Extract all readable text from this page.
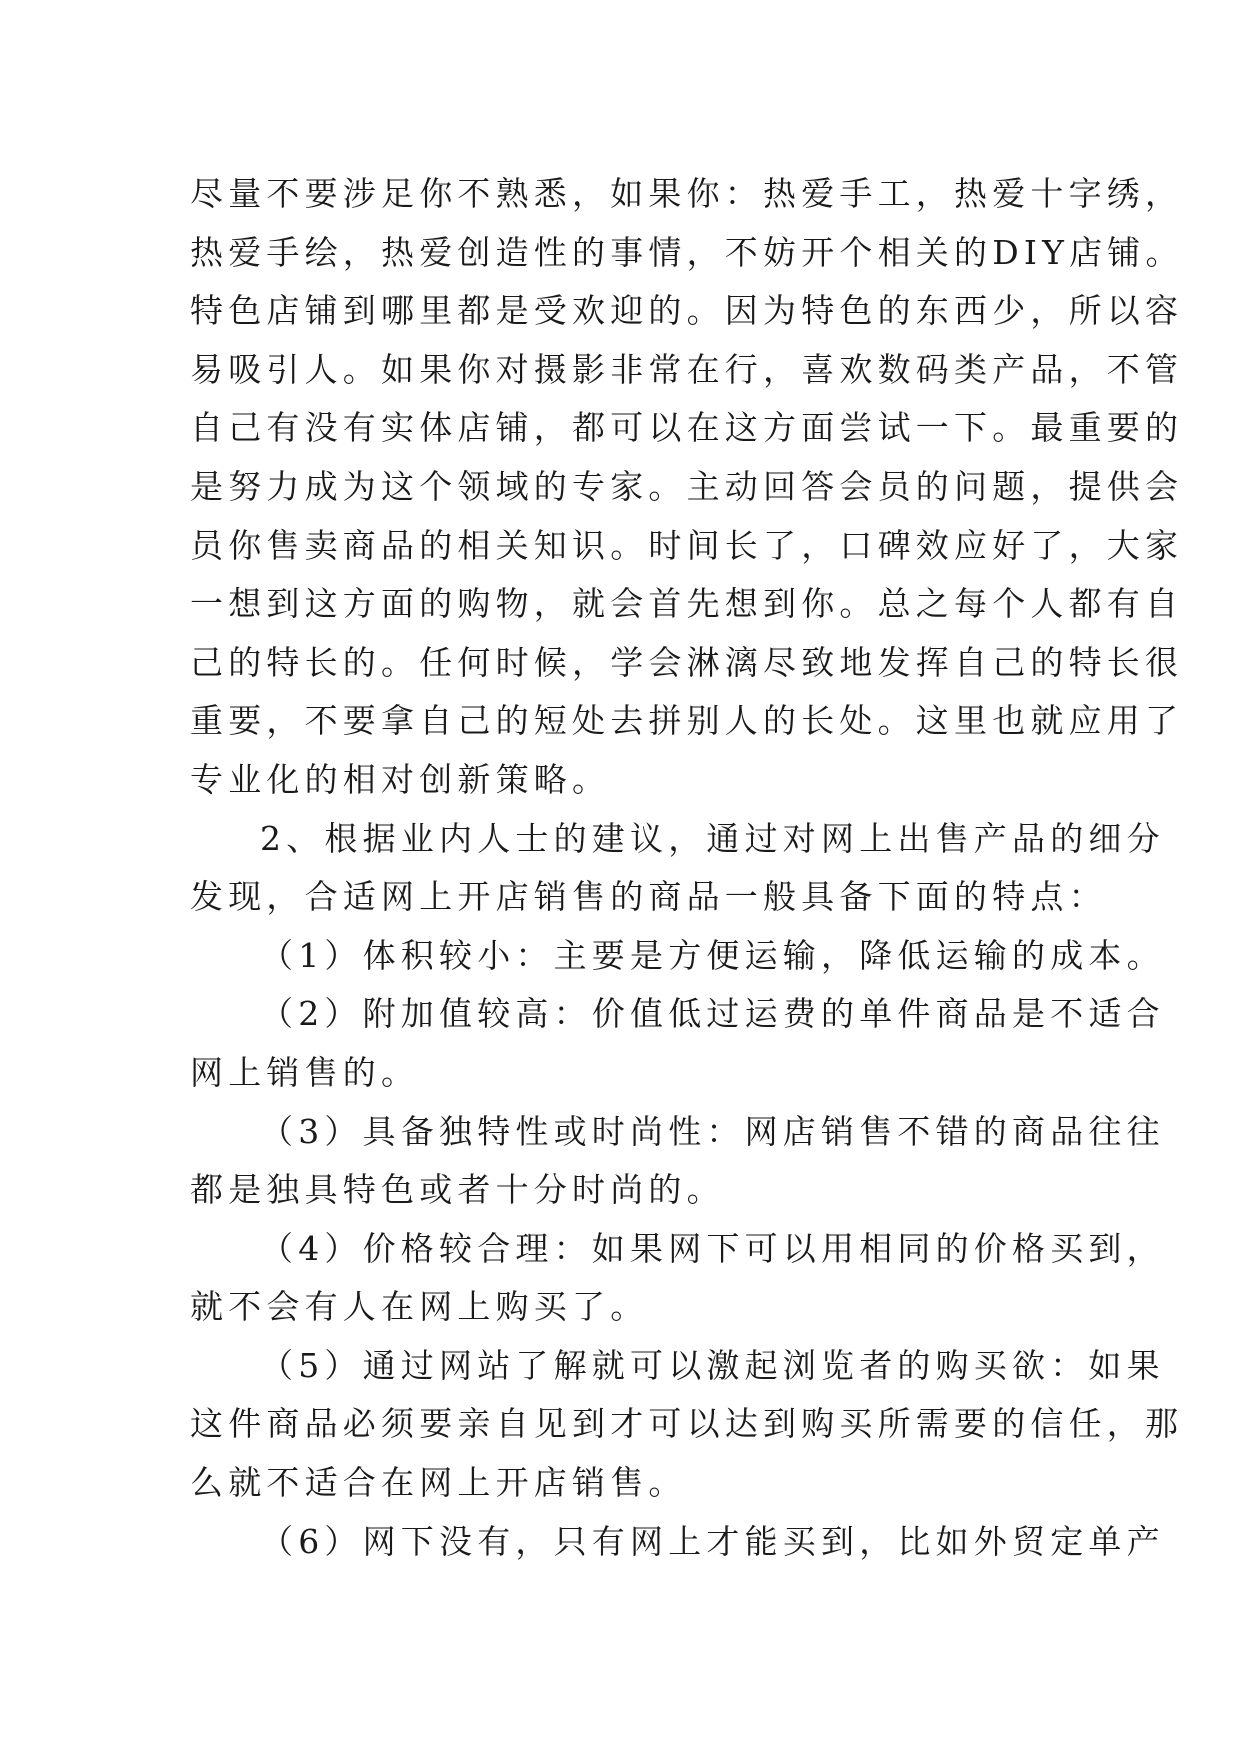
尽量不要涉足你不熟悉，如果你：热爱手工，热爱十字绣，
热爱手绘，热爱创造性的事情，不妨开个相关的DIY店铺。
特色店铺到哪里都是受欢迎的。因为特色的东西少，所以容
易吸引人。如果你对摄影非常在行，喜欢数码类产品，不管
自己有没有实体店铺，都可以在这方面尝试一下。最重要的
是努力成为这个领域的专家。主动回答会员的问题，提供会
员你售卖商品的相关知识。时间长了，口碑效应好了，大家
一想到这方面的购物，就会首先想到你。总之每个人都有自
己的特长的。任何时候，学会淋漓尽致地发挥自己的特长很
重要，不要拿自己的短处去拼别人的长处。这里也就应用了
专业化的相对创新策略。
2、根据业内人士的建议，通过对网上出售产品的细分
发现，合适网上开店销售的商品一般具备下面的特点：
（1）体积较小：主要是方便运输，降低运输的成本。
（2）附加值较高：价值低过运费的单件商品是不适合
网上销售的。
（3）具备独特性或时尚性：网店销售不错的商品往往
都是独具特色或者十分时尚的。
（4）价格较合理：如果网下可以用相同的价格买到，
就不会有人在网上购买了。
（5）通过网站了解就可以激起浏览者的购买欲：如果
这件商品必须要亲自见到才可以达到购买所需要的信任，那
么就不适合在网上开店销售。
（6）网下没有，只有网上才能买到，比如外贸定单产
